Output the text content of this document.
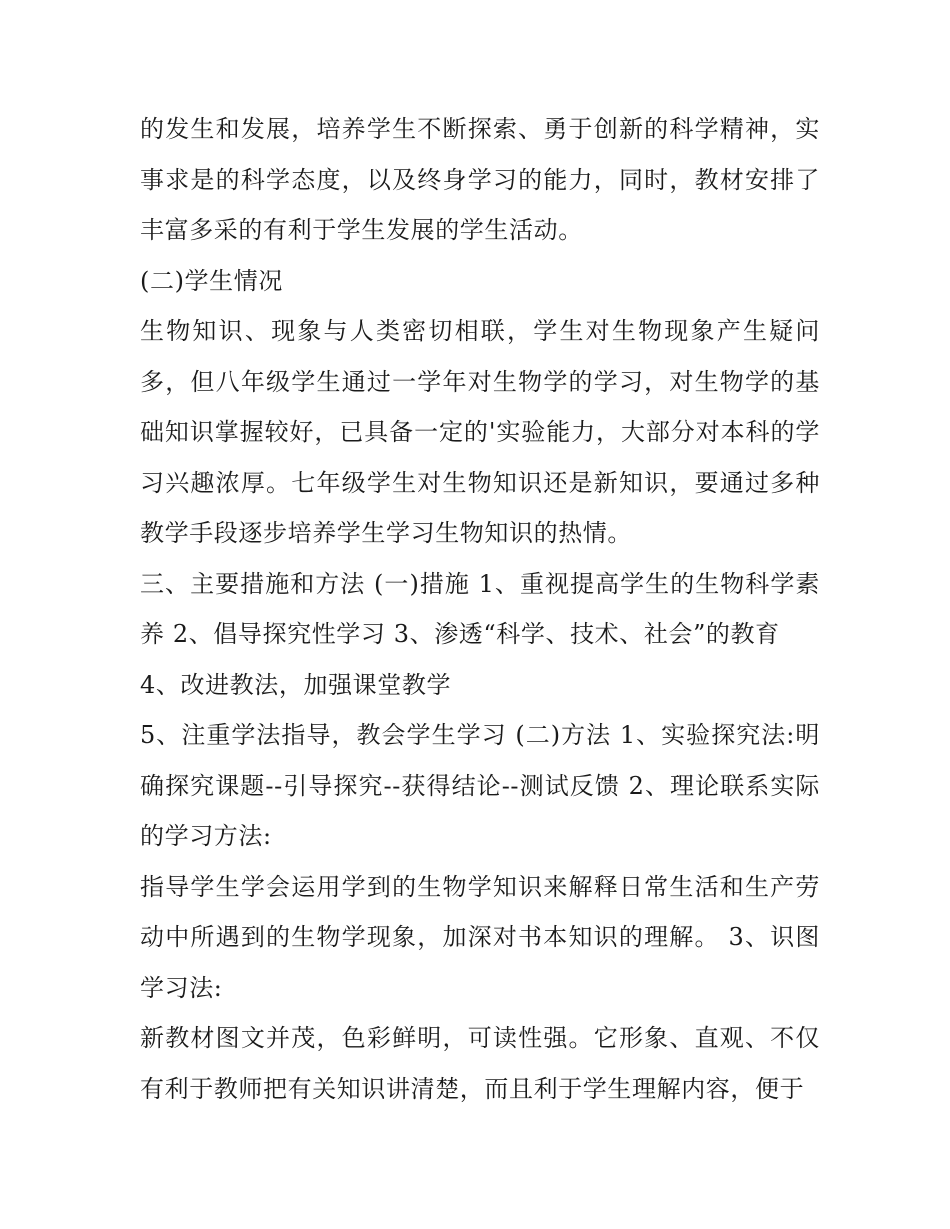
的发生和发展，培养学生不断探索、勇于创新的科学精神，实事求是的科学态度，以及终身学习的能力，同时，教材安排了丰富多采的有利于学生发展的学生活动。

(二)学生情况

生物知识、现象与人类密切相联，学生对生物现象产生疑问多，但八年级学生通过一学年对生物学的学习，对生物学的基础知识掌握较好，已具备一定的'实验能力，大部分对本科的学习兴趣浓厚。七年级学生对生物知识还是新知识，要通过多种教学手段逐步培养学生学习生物知识的热情。

三、主要措施和方法 (一)措施 1、重视提高学生的生物科学素养 2、倡导探究性学习 3、渗透“科学、技术、社会”的教育

4、改进教法，加强课堂教学

5、注重学法指导，教会学生学习 (二)方法 1、实验探究法:明确探究课题--引导探究--获得结论--测试反馈 2、理论联系实际的学习方法:

指导学生学会运用学到的生物学知识来解释日常生活和生产劳动中所遇到的生物学现象，加深对书本知识的理解。 3、识图学习法:

新教材图文并茂，色彩鲜明，可读性强。它形象、直观、不仅有利于教师把有关知识讲清楚，而且利于学生理解内容，便于
